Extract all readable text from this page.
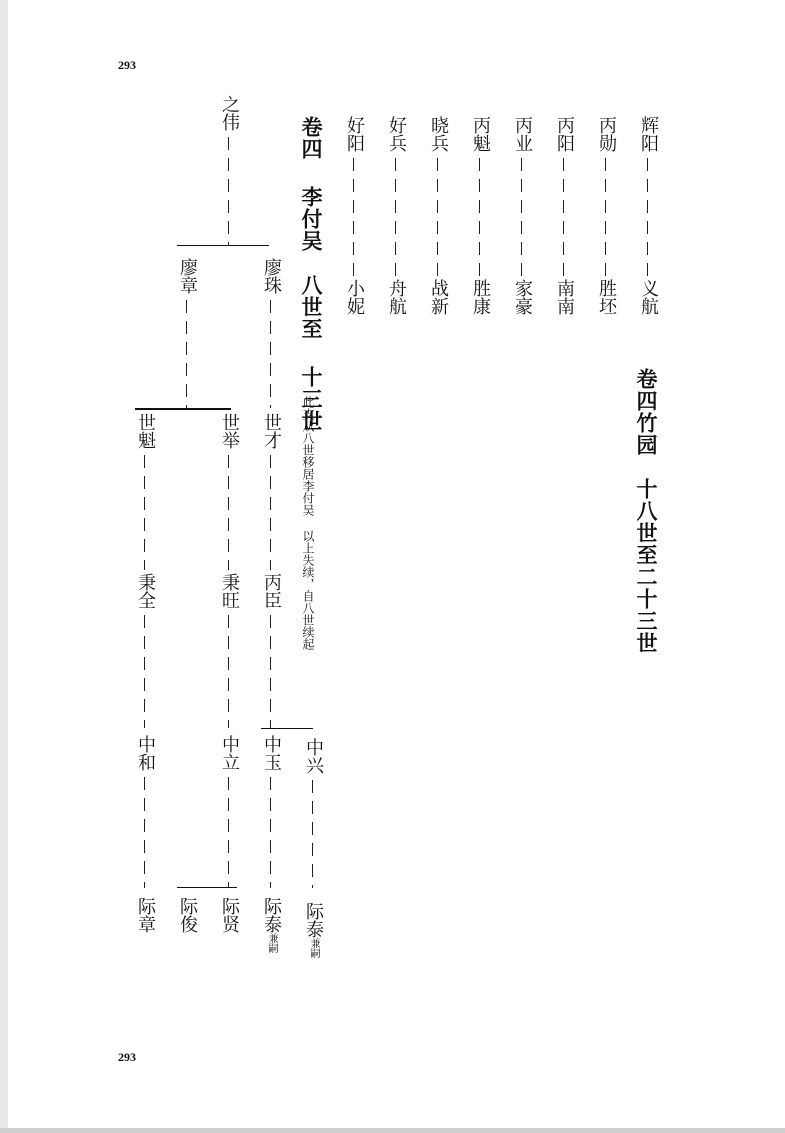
293
293
卷四竹园　十八世至二十三世
辉阳
义航
丙勋
胜坯
丙阳
南南
丙业
家豪
丙魁
胜康
晓兵
战新
好兵
舟航
好阳
小妮
卷四 李付吴　八世至 十三世
此支从八世移居李付吴 以上失续，自八世续起
之伟
廖珠
廖章
世才
世举
世魁
丙臣
秉旺
秉全
中兴
中玉
中立
中和
际泰兼嗣
际泰兼嗣
际贤
际俊
际章
